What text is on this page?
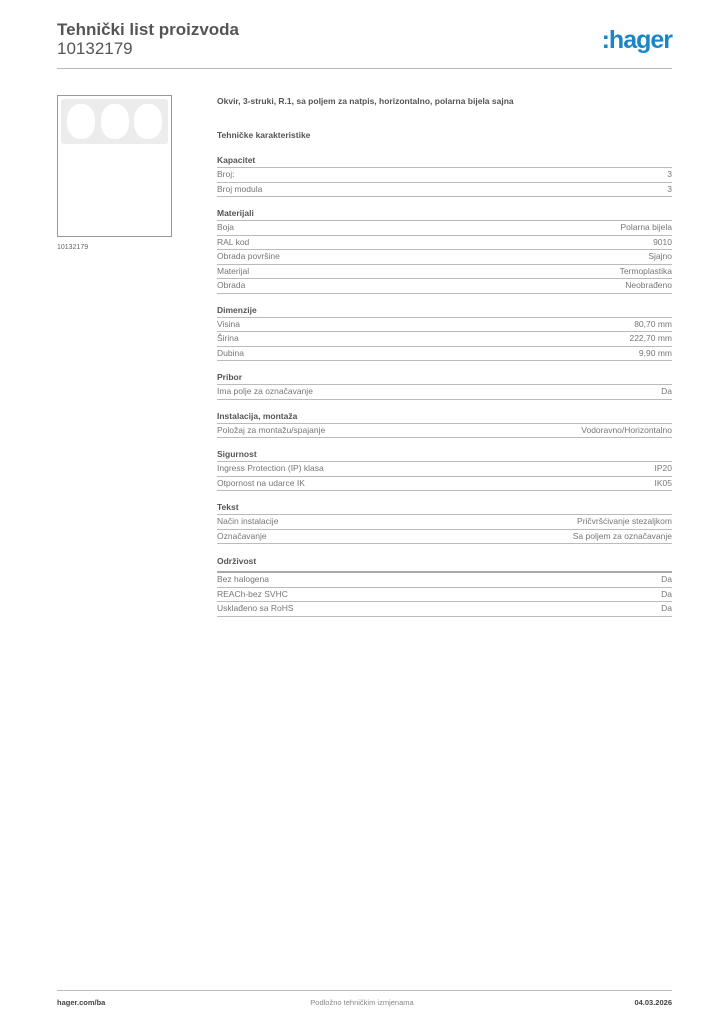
Tehnički list proizvoda
10132179	:hager
10132179
Okvir, 3-struki, R.1, sa poljem za natpis, horizontalno, polarna bijela sajna
Tehničke karakteristike
Kapacitet
Broj:	3
Broj modula	3
Materijali
Boja	Polarna bijela
RAL kod	9010
Obrada površine	Sjajno
Materijal	Termoplastika
Obrada	Neobrađeno
Dimenzije
Visina	80,70 mm
Širina	222,70 mm
Dubina	9,90 mm
Pribor
Ima polje za označavanje	Da
Instalacija, montaža
Položaj za montažu/spajanje	Vodoravno/Horizontalno
Sigurnost
Ingress Protection (IP) klasa	IP20
Otpornost na udarce IK	IK05
Tekst
Način instalacije	Pričvršćivanje stezaljkom
Označavanje	Sa poljem za označavanje
Održivost
Bez halogena	Da
REACh-bez SVHC	Da
Usklađeno sa RoHS	Da
hager.com/ba	Podložno tehničkim izmjenama	04.03.2026
